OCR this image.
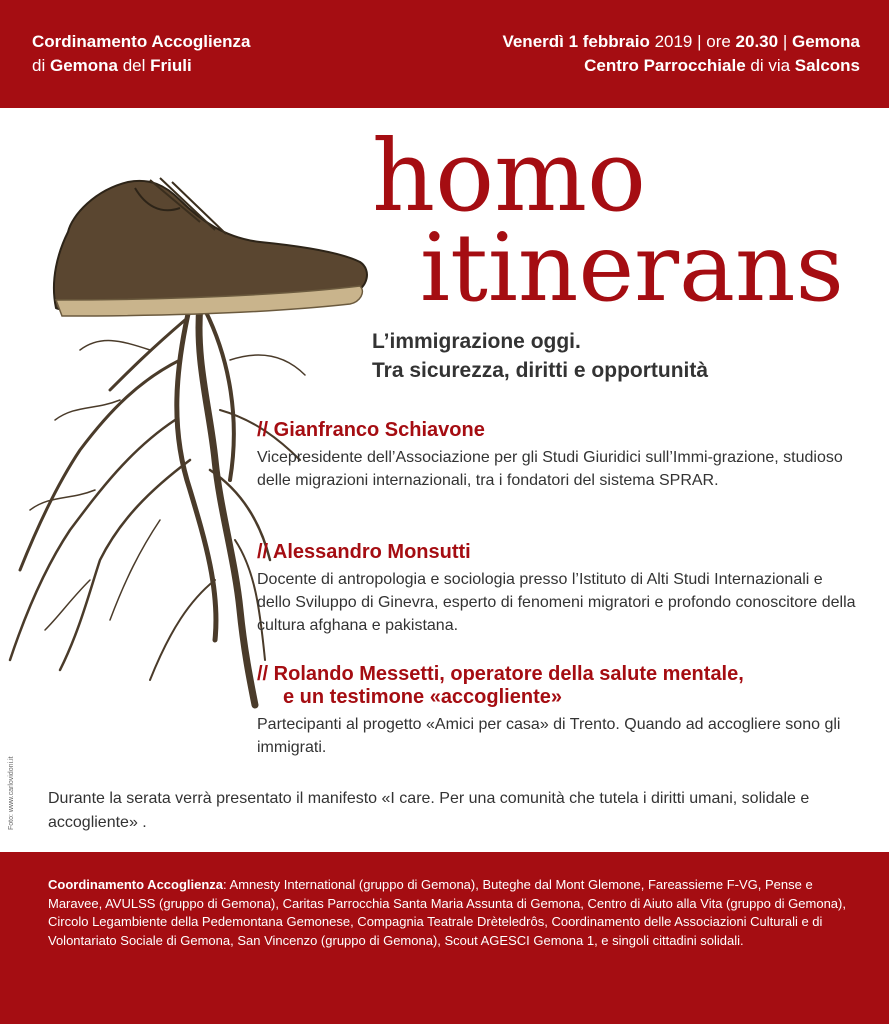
Cordinamento Accoglienza
di Gemona del Friuli
Venerdì 1 febbraio 2019 | ore 20.30 | Gemona
Centro Parrocchiale di via Salcons
homo
itinerans
L’immigrazione oggi.
Tra sicurezza, diritti e opportunità
// Gianfranco Schiavone
Vicepresidente dell’Associazione per gli Studi Giuridici sull’Immi-grazione, studioso delle migrazioni internazionali, tra i fondatori del sistema SPRAR.
// Alessandro Monsutti
Docente di antropologia e sociologia presso l’Istituto di Alti Studi Internazionali e dello Sviluppo di Ginevra, esperto di fenomeni migratori e profondo conoscitore della cultura afghana e pakistana.
// Rolando Messetti, operatore della salute mentale,
e un testimone «accogliente»
Partecipanti al progetto «Amici per casa» di Trento. Quando ad accogliere sono gli immigrati.
Durante la serata verrà presentato il manifesto «I care. Per una comunità che tutela i diritti umani, solidale e accogliente» .
Foto: www.carlovidoni.it
Coordinamento Accoglienza: Amnesty International (gruppo di Gemona), Buteghe dal Mont Glemone, Fareassieme F-VG, Pense e Maravee, AVULSS (gruppo di Gemona), Caritas Parrocchia Santa Maria Assunta di Gemona, Centro di Aiuto alla Vita (gruppo di Gemona), Circolo Legambiente della Pedemontana Gemonese, Compagnia Teatrale Drèteledrôs, Coordinamento delle Associazioni Culturali e di Volontariato Sociale di Gemona, San Vincenzo (gruppo di Gemona), Scout AGESCI Gemona 1, e singoli cittadini solidali.
